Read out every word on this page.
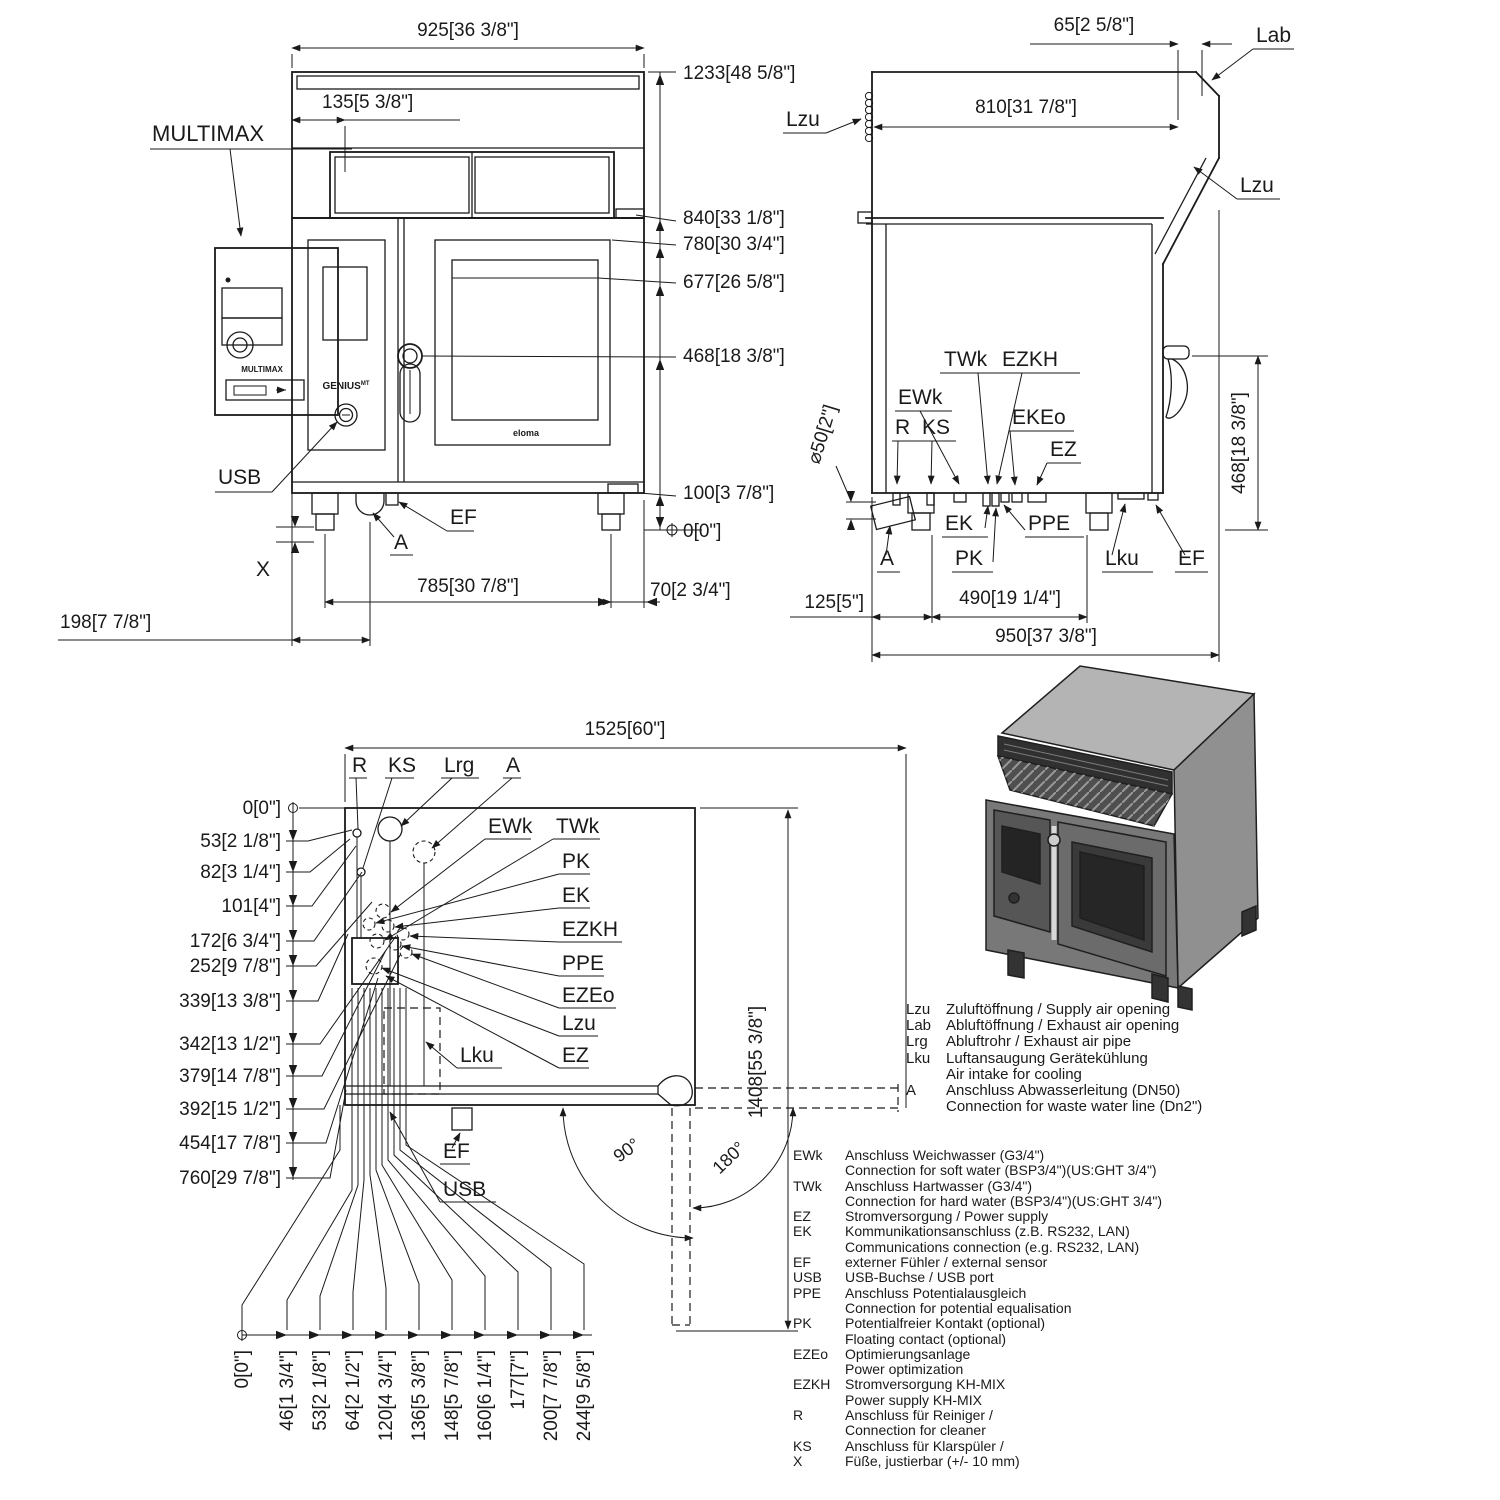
$GENIUS^{MT}$
eloma
MULTIMAX
MULTIMAX
925[36 3/8"]
135[5 3/8"]
USB
EF
A
X
785[30 7/8"]	70[2 3/4"]
198[7 7/8"]
1233[48 5/8"]
840[33 1/8"]
780[30 3/4"]
677[26 5/8"]
468[18 3/8"]
100[3 7/8"]
0[0"]
65[2 5/8"]	Lab
Lzu
Lzu
810[31 7/8"]
TWk EZKH
EWk
R KS	EKEo
EZ
EK
PK
PPE
A	Lku EF
⌀50[2"]
125[5"]	490[19 1/4"]
950[37 3/8"]
468[18 3/8"]
1525[60"]
1408[55 3/8"]
R KS Lrg A
EWk TWk
PK
EK
EZKH
PPE
EZEo
Lzu
EZ
Lku
EF
USB
90°	180°
0[0"]
53[2 1/8"]
82[3 1/4"]
101[4"]
172[6 3/4"]
252[9 7/8"]
339[13 3/8"]
342[13 1/2"]
379[14 7/8"]
392[15 1/2"]
454[17 7/8"]
760[29 7/8"]
0[0"] 46[1 3/4"] 53[2 1/8"] 64[2 1/2"] 120[4 3/4"] 136[5 3/8"] 148[5 7/8"] 160[6 1/4"] 177[7"] 200[7 7/8"] 244[9 5/8"]
Lzu	Zuluftöffnung / Supply air opening
Lab Abluftöffnung / Exhaust air opening
Lrg	Abluftrohr / Exhaust air pipe
Lku	Luftansaugung Gerätekühlung
Air intake for cooling
A	Anschluss Abwasserleitung (DN50)
Connection for waste water line (Dn2")
EWk	Anschluss Weichwasser (G3/4")
Connection for soft water (BSP3/4")(US:GHT 3/4")
TWk	Anschluss Hartwasser (G3/4")
Connection for hard water (BSP3/4")(US:GHT 3/4")
EZ	Stromversorgung / Power supply
EK	Kommunikationsanschluss (z.B. RS232, LAN)
Communications connection (e.g. RS232, LAN)
EF	externer Fühler / external sensor
USB	USB-Buchse / USB port
PPE	Anschluss Potentialausgleich
Connection for potential equalisation
PK	Potentialfreier Kontakt (optional)
Floating contact (optional)
EZEo	Optimierungsanlage
Power optimization
EZKH	Stromversorgung KH-MIX
Power supply KH-MIX
R	Anschluss für Reiniger /
Connection for cleaner
KS	Anschluss für Klarspüler /
X	Füße, justierbar (+/- 10 mm)
